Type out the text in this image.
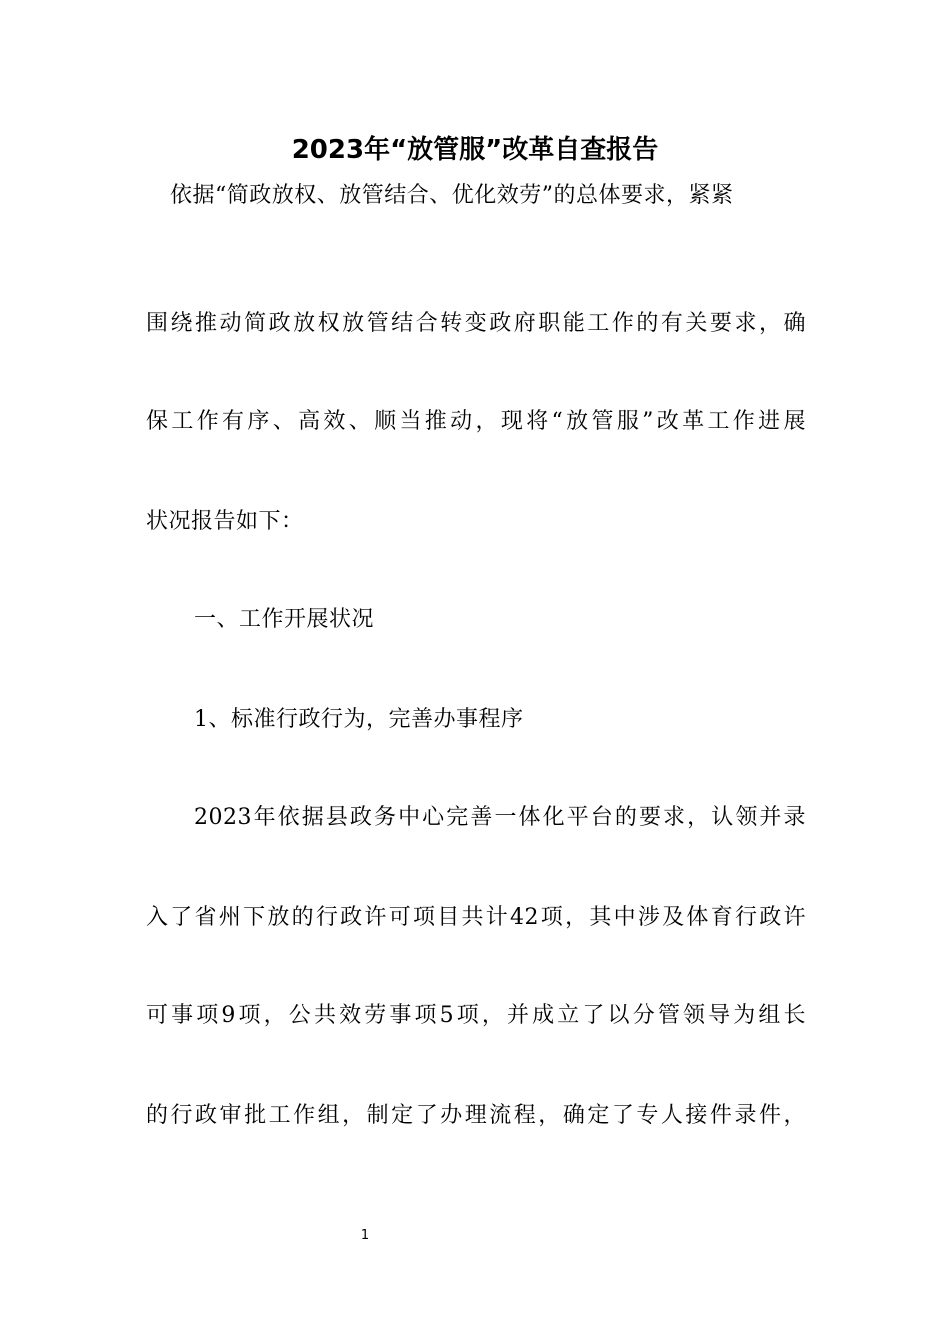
2023年“放管服”改革自查报告
依据“简政放权、放管结合、优化效劳”的总体要求，紧紧
围绕推动简政放权放管结合转变政府职能工作的有关要求，确
保工作有序、高效、顺当推动，现将“放管服”改革工作进展
状况报告如下：
一、工作开展状况
1、标准行政行为，完善办事程序
2023年依据县政务中心完善一体化平台的要求，认领并录
入了省州下放的行政许可项目共计42项，其中涉及体育行政许
可事项9项，公共效劳事项5项，并成立了以分管领导为组长
的行政审批工作组，制定了办理流程，确定了专人接件录件，
1
